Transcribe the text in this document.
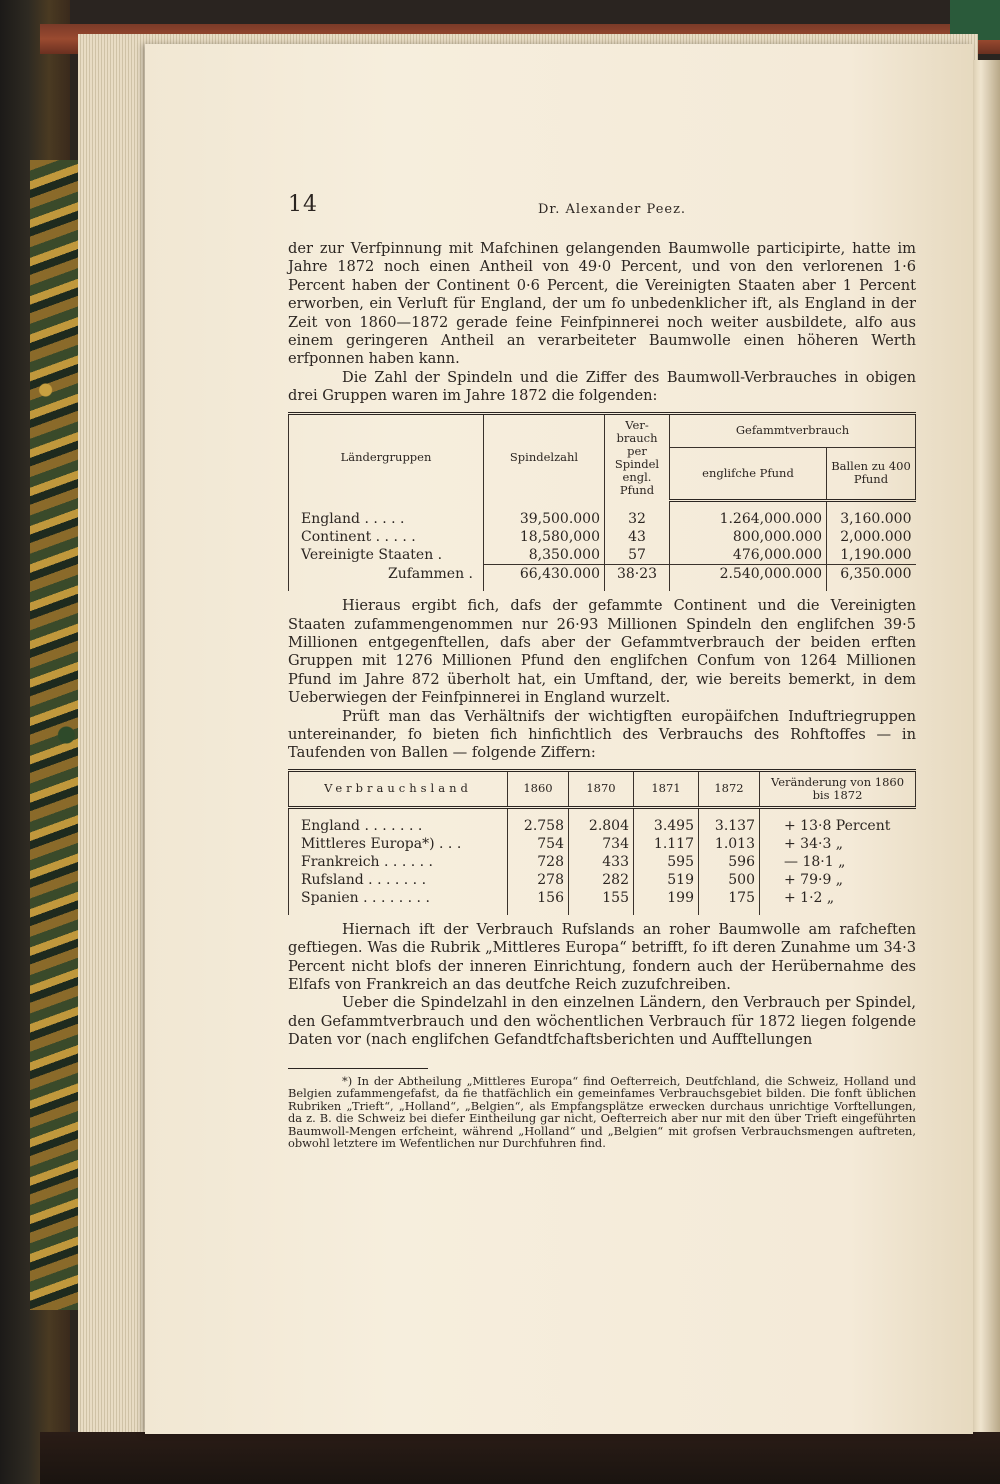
14	Dr. Alexander Peez.

der zur Verfpinnung mit Mafchinen gelangenden Baumwolle participirte, hatte im Jahre 1872 noch einen Antheil von 49·0 Percent, und von den verlorenen 1·6 Percent haben der Continent 0·6 Percent, die Vereinigten Staaten aber 1 Percent erworben, ein Verluft für England, der um fo unbedenklicher ift, als England in der Zeit von 1860—1872 gerade feine Feinfpinnerei noch weiter ausbildete, alfo aus einem geringeren Antheil an verarbeiteter Baumwolle einen höheren Werth erfponnen haben kann.

Die Zahl der Spindeln und die Ziffer des Baumwoll-Verbrauches in obigen drei Gruppen waren im Jahre 1872 die folgenden:

Ländergruppen	Spindelzahl	Ver-brauch per Spindel engl. Pfund	Gefammtverbrauch	
			englifche Pfund	Ballen zu 400 Pfund

England . . . . .	39,500.000	32	1.264,000.000	3,160.000
Continent . . . . .	18,580,000	43	800,000.000	2,000.000
Vereinigte Staaten .	8,350.000	57	476,000.000	1,190.000
Zufammen .	66,430.000	38·23	2.540,000.000	6,350.000

Hieraus ergibt fich, dafs der gefammte Continent und die Vereinigten Staaten zufammengenommen nur 26·93 Millionen Spindeln den englifchen 39·5 Millionen entgegenftellen, dafs aber der Gefammtverbrauch der beiden erften Gruppen mit 1276 Millionen Pfund den englifchen Confum von 1264 Millionen Pfund im Jahre 872 überholt hat, ein Umftand, der, wie bereits bemerkt, in dem Ueberwiegen der Feinfpinnerei in England wurzelt.

Prüft man das Verhältnifs der wichtigften europäifchen Induftriegruppen untereinander, fo bieten fich hinfichtlich des Verbrauchs des Rohftoffes — in Taufenden von Ballen — folgende Ziffern:

Verbrauchsland	1860	1870	1871	1872	Veränderung von 1860 bis 1872

England . . . . . . .	2.758	2.804	3.495	3.137	+ 13·8 Percent
Mittleres Europa*) . . .	754	734	1.117	1.013	+ 34·3 „
Frankreich . . . . . .	728	433	595	596	— 18·1 „
Rufsland . . . . . . .	278	282	519	500	+ 79·9 „
Spanien . . . . . . . .	156	155	199	175	+ 1·2 „

Hiernach ift der Verbrauch Rufslands an roher Baumwolle am rafcheften geftiegen. Was die Rubrik „Mittleres Europa“ betrifft, fo ift deren Zunahme um 34·3 Percent nicht blofs der inneren Einrichtung, fondern auch der Herübernahme des Elfafs von Frankreich an das deutfche Reich zuzufchreiben.

Ueber die Spindelzahl in den einzelnen Ländern, den Verbrauch per Spindel, den Gefammtverbrauch und den wöchentlichen Verbrauch für 1872 liegen folgende Daten vor (nach englifchen Gefandtfchaftsberichten und Aufftellungen

*) In der Abtheilung „Mittleres Europa“ find Oefterreich, Deutfchland, die Schweiz, Holland und Belgien zufammengefafst, da fie thatfächlich ein gemeinfames Verbrauchsgebiet bilden. Die fonft üblichen Rubriken „Trieft“, „Holland“, „Belgien“, als Empfangsplätze erwecken durchaus unrichtige Vorftellungen, da z. B. die Schweiz bei diefer Eintheilung gar nicht, Oefterreich aber nur mit den über Trieft eingeführten Baumwoll-Mengen erfcheint, während „Holland“ und „Belgien“ mit grofsen Verbrauchsmengen auftreten, obwohl letztere im Wefentlichen nur Durchfuhren find.
